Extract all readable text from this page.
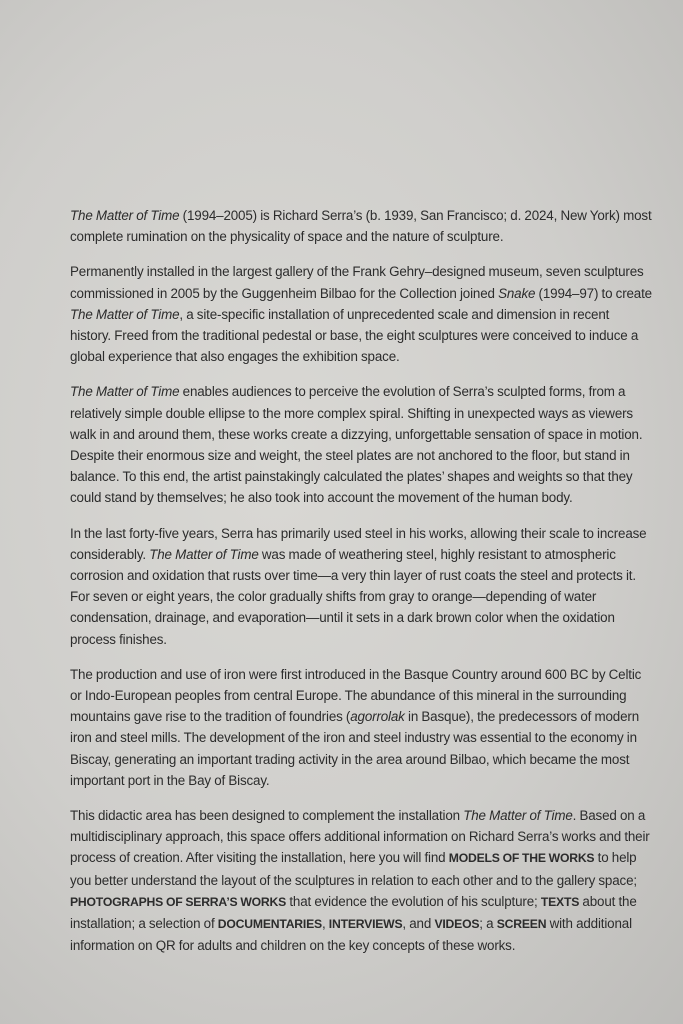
The Matter of Time (1994–2005) is Richard Serra’s (b. 1939, San Francisco; d. 2024, New York) most complete rumination on the physicality of space and the nature of sculpture.

Permanently installed in the largest gallery of the Frank Gehry–designed museum, seven sculptures commissioned in 2005 by the Guggenheim Bilbao for the Collection joined Snake (1994–97) to create The Matter of Time, a site-specific installation of unprecedented scale and dimension in recent history. Freed from the traditional pedestal or base, the eight sculptures were conceived to induce a global experience that also engages the exhibition space.

The Matter of Time enables audiences to perceive the evolution of Serra’s sculpted forms, from a relatively simple double ellipse to the more complex spiral. Shifting in unexpected ways as viewers walk in and around them, these works create a dizzying, unforgettable sensation of space in motion. Despite their enormous size and weight, the steel plates are not anchored to the floor, but stand in balance. To this end, the artist painstakingly calculated the plates’ shapes and weights so that they could stand by themselves; he also took into account the movement of the human body.

In the last forty-five years, Serra has primarily used steel in his works, allowing their scale to increase considerably. The Matter of Time was made of weathering steel, highly resistant to atmospheric corrosion and oxidation that rusts over time—a very thin layer of rust coats the steel and protects it. For seven or eight years, the color gradually shifts from gray to orange—depending of water condensation, drainage, and evaporation—until it sets in a dark brown color when the oxidation process finishes.

The production and use of iron were first introduced in the Basque Country around 600 BC by Celtic or Indo-European peoples from central Europe. The abundance of this mineral in the surrounding mountains gave rise to the tradition of foundries (agorrolak in Basque), the predecessors of modern iron and steel mills. The development of the iron and steel industry was essential to the economy in Biscay, generating an important trading activity in the area around Bilbao, which became the most important port in the Bay of Biscay.

This didactic area has been designed to complement the installation The Matter of Time. Based on a multidisciplinary approach, this space offers additional information on Richard Serra’s works and their process of creation. After visiting the installation, here you will find MODELS OF THE WORKS to help you better understand the layout of the sculptures in relation to each other and to the gallery space; PHOTOGRAPHS OF SERRA’S WORKS that evidence the evolution of his sculpture; TEXTS about the installation; a selection of DOCUMENTARIES, INTERVIEWS, and VIDEOS; a SCREEN with additional information on QR for adults and children on the key concepts of these works.
